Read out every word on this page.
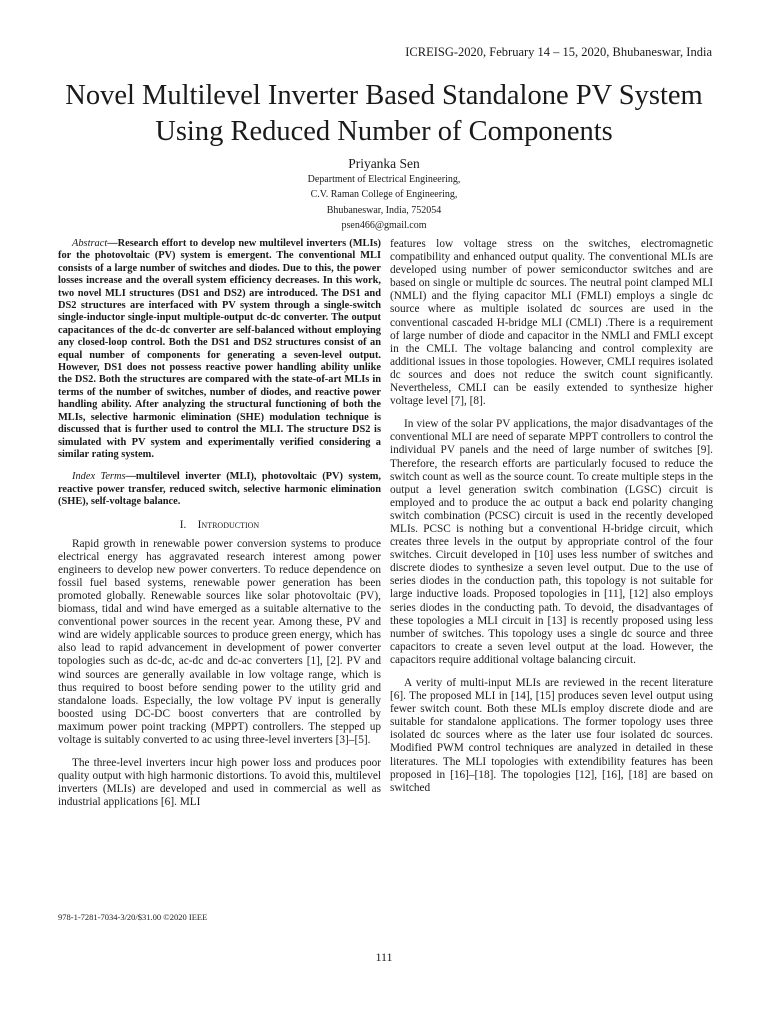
ICREISG-2020, February 14 – 15, 2020, Bhubaneswar, India
Novel Multilevel Inverter Based Standalone PV System Using Reduced Number of Components
Priyanka Sen
Department of Electrical Engineering,
C.V. Raman College of Engineering,
Bhubaneswar, India, 752054
psen466@gmail.com

Abstract—Research effort to develop new multilevel inverters (MLIs) for the photovoltaic (PV) system is emergent. The conventional MLI consists of a large number of switches and diodes. Due to this, the power losses increase and the overall system efficiency decreases. In this work, two novel MLI structures (DS1 and DS2) are introduced. The DS1 and DS2 structures are interfaced with PV system through a single-switch single-inductor single-input multiple-output dc-dc converter. The output capacitances of the dc-dc converter are self-balanced without employing any closed-loop control. Both the DS1 and DS2 structures consist of an equal number of components for generating a seven-level output. However, DS1 does not possess reactive power handling ability unlike the DS2. Both the structures are compared with the state-of-art MLIs in terms of the number of switches, number of diodes, and reactive power handling ability. After analyzing the structural functioning of both the MLIs, selective harmonic elimination (SHE) modulation technique is discussed that is further used to control the MLI. The structure DS2 is simulated with PV system and experimentally verified considering a similar rating system.

Index Terms—multilevel inverter (MLI), photovoltaic (PV) system, reactive power transfer, reduced switch, selective harmonic elimination (SHE), self-voltage balance.

I. Introduction

Rapid growth in renewable power conversion systems to produce electrical energy has aggravated research interest among power engineers to develop new power converters. To reduce dependence on fossil fuel based systems, renewable power generation has been promoted globally. Renewable sources like solar photovoltaic (PV), biomass, tidal and wind have emerged as a suitable alternative to the conventional power sources in the recent year. Among these, PV and wind are widely applicable sources to produce green energy, which has also lead to rapid advancement in development of power converter topologies such as dc-dc, ac-dc and dc-ac converters [1], [2]. PV and wind sources are generally available in low voltage range, which is thus required to boost before sending power to the utility grid and standalone loads. Especially, the low voltage PV input is generally boosted using DC-DC boost converters that are controlled by maximum power point tracking (MPPT) controllers. The stepped up voltage is suitably converted to ac using three-level inverters [3]–[5].

The three-level inverters incur high power loss and produces poor quality output with high harmonic distortions. To avoid this, multilevel inverters (MLIs) are developed and used in commercial as well as industrial applications [6]. MLI

features low voltage stress on the switches, electromagnetic compatibility and enhanced output quality. The conventional MLIs are developed using number of power semiconductor switches and are based on single or multiple dc sources. The neutral point clamped MLI (NMLI) and the flying capacitor MLI (FMLI) employs a single dc source where as multiple isolated dc sources are used in the conventional cascaded H-bridge MLI (CMLI) .There is a requirement of large number of diode and capacitor in the NMLI and FMLI except in the CMLI. The voltage balancing and control complexity are additional issues in those topologies. However, CMLI requires isolated dc sources and does not reduce the switch count significantly. Nevertheless, CMLI can be easily extended to synthesize higher voltage level [7], [8].

In view of the solar PV applications, the major disadvantages of the conventional MLI are need of separate MPPT controllers to control the individual PV panels and the need of large number of switches [9]. Therefore, the research efforts are particularly focused to reduce the switch count as well as the source count. To create multiple steps in the output a level generation switch combination (LGSC) circuit is employed and to produce the ac output a back end polarity changing switch combination (PCSC) circuit is used in the recently developed MLIs. PCSC is nothing but a conventional H-bridge circuit, which creates three levels in the output by appropriate control of the four switches. Circuit developed in [10] uses less number of switches and discrete diodes to synthesize a seven level output. Due to the use of series diodes in the conduction path, this topology is not suitable for large inductive loads. Proposed topologies in [11], [12] also employs series diodes in the conducting path. To devoid, the disadvantages of these topologies a MLI circuit in [13] is recently proposed using less number of switches. This topology uses a single dc source and three capacitors to create a seven level output at the load. However, the capacitors require additional voltage balancing circuit.

A verity of multi-input MLIs are reviewed in the recent literature [6]. The proposed MLI in [14], [15] produces seven level output using fewer switch count. Both these MLIs employ discrete diode and are suitable for standalone applications. The former topology uses three isolated dc sources where as the later use four isolated dc sources. Modified PWM control techniques are analyzed in detailed in these literatures. The MLI topologies with extendibility features has been proposed in [16]–[18]. The topologies [12], [16], [18] are based on switched

978-1-7281-7034-3/20/$31.00 ©2020 IEEE
111
